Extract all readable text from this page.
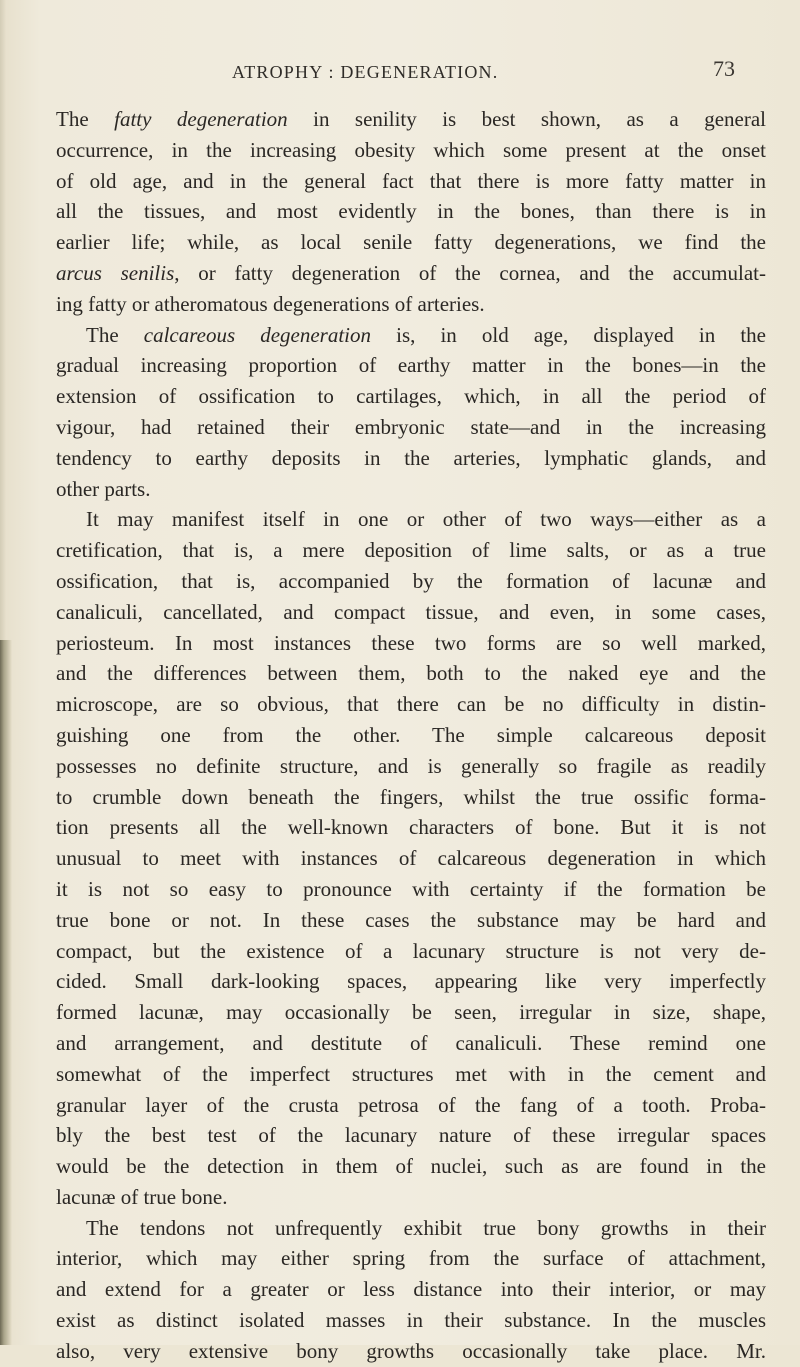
ATROPHY : DEGENERATION.	73
The fatty degeneration in senility is best shown, as a general
occurrence, in the increasing obesity which some present at the onset
of old age, and in the general fact that there is more fatty matter in
all the tissues, and most evidently in the bones, than there is in
earlier life; while, as local senile fatty degenerations, we find the
arcus senilis, or fatty degeneration of the cornea, and the accumulat-
ing fatty or atheromatous degenerations of arteries.
The calcareous degeneration is, in old age, displayed in the
gradual increasing proportion of earthy matter in the bones—in the
extension of ossification to cartilages, which, in all the period of
vigour, had retained their embryonic state—and in the increasing
tendency to earthy deposits in the arteries, lymphatic glands, and
other parts.
It may manifest itself in one or other of two ways—either as a
cretification, that is, a mere deposition of lime salts, or as a true
ossification, that is, accompanied by the formation of lacunæ and
canaliculi, cancellated, and compact tissue, and even, in some cases,
periosteum. In most instances these two forms are so well marked,
and the differences between them, both to the naked eye and the
microscope, are so obvious, that there can be no difficulty in distin-
guishing one from the other. The simple calcareous deposit
possesses no definite structure, and is generally so fragile as readily
to crumble down beneath the fingers, whilst the true ossific forma-
tion presents all the well-known characters of bone. But it is not
unusual to meet with instances of calcareous degeneration in which
it is not so easy to pronounce with certainty if the formation be
true bone or not. In these cases the substance may be hard and
compact, but the existence of a lacunary structure is not very de-
cided. Small dark-looking spaces, appearing like very imperfectly
formed lacunæ, may occasionally be seen, irregular in size, shape,
and arrangement, and destitute of canaliculi. These remind one
somewhat of the imperfect structures met with in the cement and
granular layer of the crusta petrosa of the fang of a tooth. Proba-
bly the best test of the lacunary nature of these irregular spaces
would be the detection in them of nuclei, such as are found in the
lacunæ of true bone.
The tendons not unfrequently exhibit true bony growths in their
interior, which may either spring from the surface of attachment,
and extend for a greater or less distance into their interior, or may
exist as distinct isolated masses in their substance. In the muscles
also, very extensive bony growths occasionally take place. Mr.
